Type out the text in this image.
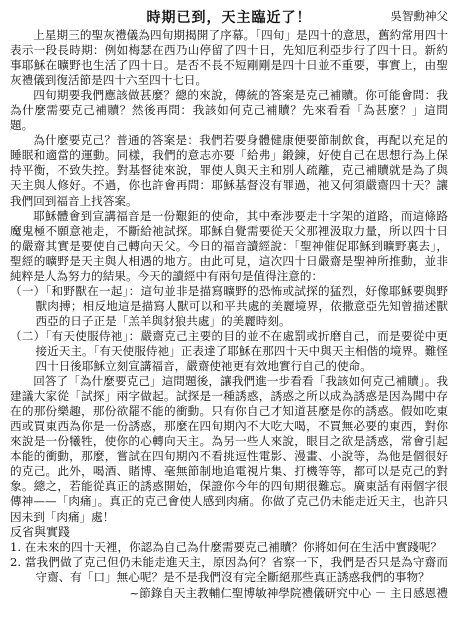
時期已到，天主臨近了！	吳智勳神父

上星期三的聖灰禮儀為四旬期揭開了序幕。「四旬」是四十的意思，舊約常用四十表示一段長時期：例如梅瑟在西乃山停留了四十日，先知厄利亞步行了四十日。新約事耶穌在曠野也生活了四十日。是否不長不短剛剛是四十日並不重要，事實上，由聖灰禮儀到復活節是四十六至四十七日。

四旬期要我們應該做甚麼？總的來說，傳統的答案是克己補贖。你可能會問：我為什麼需要克己補贖？然後再問：我該如何克己補贖？先來看看「為甚麼？」這問題。

為什麼要克己？普通的答案是：我們若要身體健康便要節制飲食，再配以充足的睡眠和適當的運動。同樣，我們的意志亦要「給弗」鍛鍊，好使自己在思想行為上保持平衡，不致失控。對基督徒來說，罪使人與天主和別人疏離，克己補贖就是為了與天主與人修好。不過，你也許會再問：耶穌基督沒有罪過，祂又何須嚴齋四十天？讓我們回到福音上找答案。

耶穌體會到宣講福音是一份艱鉅的使命，其中牽涉要走十字架的道路，而這條路魔鬼極不願意祂走，不斷給祂試探。耶穌自覺需要從天父那裡汲取力量，所以四十日的嚴齋其實是要使自己轉向天父。今日的福音讀經說：「聖神催促耶穌到曠野裏去」，聖經的曠野是天主與人相遇的地方。由此可見，這次四十日嚴齋是聖神所推動，並非純粹是人為努力的結果。今天的讀經中有兩句是值得注意的：

（一）「和野獸在一起」：這句並非是描寫曠野的恐怖或試探的猛烈，好像耶穌要與野獸肉搏；相反地這是描寫人獸可以和平共處的美麗境界，依撒意亞先知曾描述獸西亞的日子正是「羔羊與豺狼共處」的美麗時刻。

（二）「有天使服侍祂」：嚴齋克己主要的目的並不在處罰或折磨自己，而是要從中更接近天主。「有天使服侍祂」正表達了耶穌在那四十天中與天主相偕的境界。難怪四十日後耶穌立刻宣講福音，嚴齋使祂更有效地實行自己的使命。

回答了「為什麼要克己」這問題後，讓我們進一步看看「我該如何克己補贖」。我建議大家從「試探」兩字做起。試探是一種誘惑，誘惑之所以成為誘惑是因為聞中存在的那份樂趣，那份欲罷不能的衝動。只有你自己才知道甚麼是你的誘惑。假如吃東西或買東西為你是一份誘惑，那麼在四旬期內不大吃大喝，不買無必要的東西，對你來說是一份犧牲，使你的心轉向天主。為另一些人來說，眼目之欲是誘惑，常會引起本能的衝動，那麼，嘗試在四旬期內不看挑逗性電影、漫畫、小說等，為他是個很好的克己。此外，喝酒、賭博、毫無節制地追電視片集、打機等等，都可以是克己的對象。總之，若能從真正的誘惑開始，保證你今年的四旬期很難忘。廣東話有兩個字很傳神——「肉痛」。真正的克己會使人感到肉痛。你做了克己仍未能走近天主，也許只因未到「肉痛」處！

反省與實踐

1. 在未來的四十天裡，你認為自己為什麼需要克己補贖？你將如何在生活中實踐呢？

2. 當我們做了克己但仍未能走進天主，原因為何？省察一下，我們是否只是為守齋而守齋、有「口」無心呢？是不是我們沒有完全斷絕那些真正誘惑我們的事物？

~節錄自天主教輔仁聖博敏神學院禮儀研究中心 － 主日感恩禮
